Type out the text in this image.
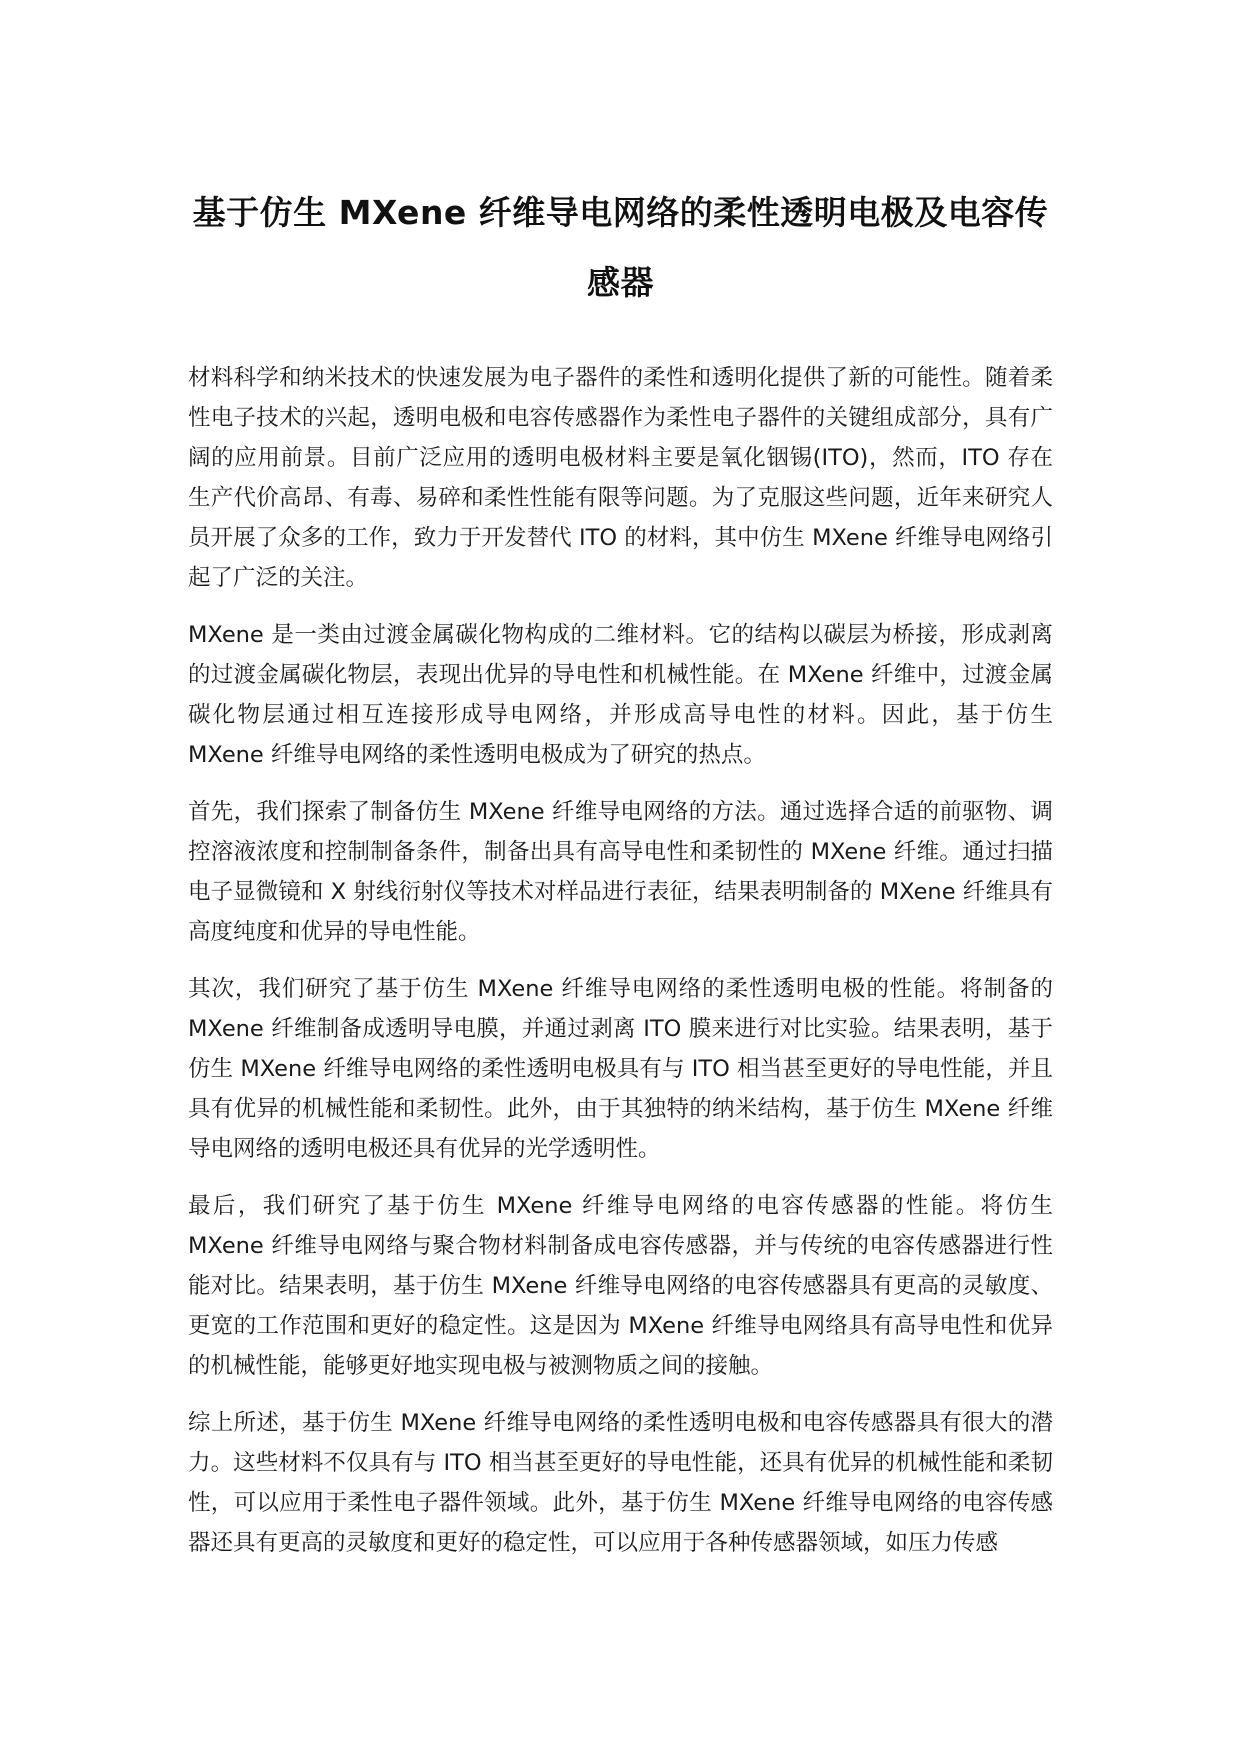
基于仿生 MXene 纤维导电网络的柔性透明电极及电容传感器

材料科学和纳米技术的快速发展为电子器件的柔性和透明化提供了新的可能性。随着柔性电子技术的兴起，透明电极和电容传感器作为柔性电子器件的关键组成部分，具有广阔的应用前景。目前广泛应用的透明电极材料主要是氧化铟锡(ITO)，然而，ITO 存在生产代价高昂、有毒、易碎和柔性性能有限等问题。为了克服这些问题，近年来研究人员开展了众多的工作，致力于开发替代 ITO 的材料，其中仿生 MXene 纤维导电网络引起了广泛的关注。

MXene 是一类由过渡金属碳化物构成的二维材料。它的结构以碳层为桥接，形成剥离的过渡金属碳化物层，表现出优异的导电性和机械性能。在 MXene 纤维中，过渡金属碳化物层通过相互连接形成导电网络，并形成高导电性的材料。因此，基于仿生 MXene 纤维导电网络的柔性透明电极成为了研究的热点。

首先，我们探索了制备仿生 MXene 纤维导电网络的方法。通过选择合适的前驱物、调控溶液浓度和控制制备条件，制备出具有高导电性和柔韧性的 MXene 纤维。通过扫描电子显微镜和 X 射线衍射仪等技术对样品进行表征，结果表明制备的 MXene 纤维具有高度纯度和优异的导电性能。

其次，我们研究了基于仿生 MXene 纤维导电网络的柔性透明电极的性能。将制备的 MXene 纤维制备成透明导电膜，并通过剥离 ITO 膜来进行对比实验。结果表明，基于仿生 MXene 纤维导电网络的柔性透明电极具有与 ITO 相当甚至更好的导电性能，并且具有优异的机械性能和柔韧性。此外，由于其独特的纳米结构，基于仿生 MXene 纤维导电网络的透明电极还具有优异的光学透明性。

最后，我们研究了基于仿生 MXene 纤维导电网络的电容传感器的性能。将仿生 MXene 纤维导电网络与聚合物材料制备成电容传感器，并与传统的电容传感器进行性能对比。结果表明，基于仿生 MXene 纤维导电网络的电容传感器具有更高的灵敏度、更宽的工作范围和更好的稳定性。这是因为 MXene 纤维导电网络具有高导电性和优异的机械性能，能够更好地实现电极与被测物质之间的接触。

综上所述，基于仿生 MXene 纤维导电网络的柔性透明电极和电容传感器具有很大的潜力。这些材料不仅具有与 ITO 相当甚至更好的导电性能，还具有优异的机械性能和柔韧性，可以应用于柔性电子器件领域。此外，基于仿生 MXene 纤维导电网络的电容传感器还具有更高的灵敏度和更好的稳定性，可以应用于各种传感器领域，如压力传感
